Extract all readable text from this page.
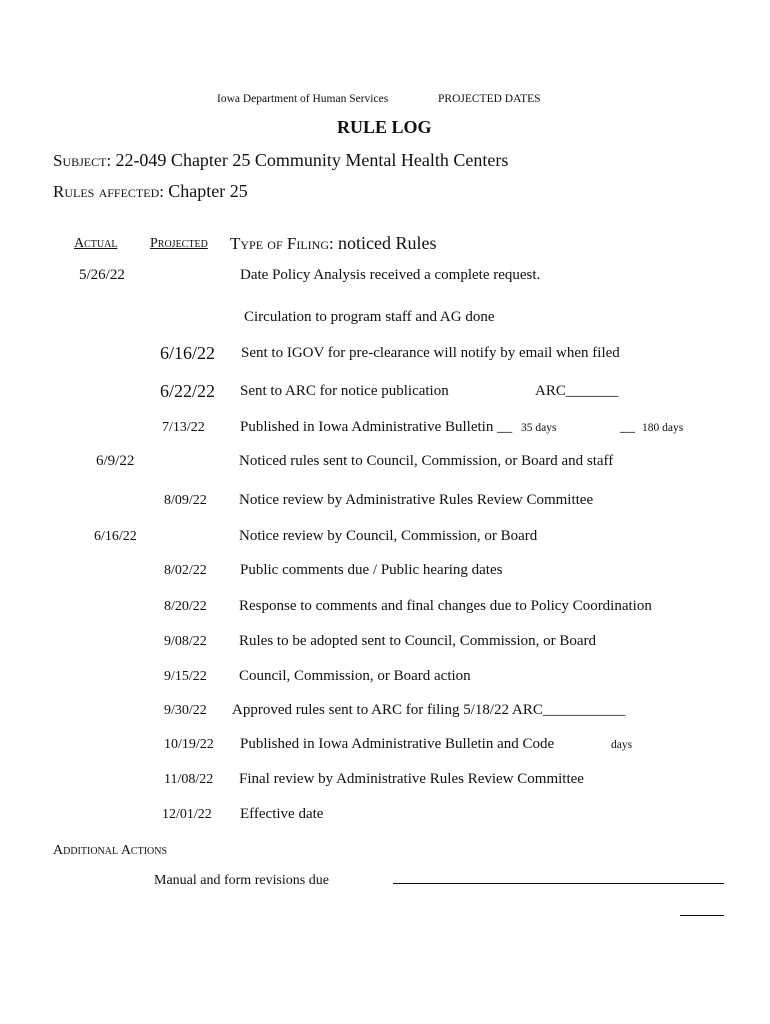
Iowa Department of Human Services	PROJECTED DATES
RULE LOG
Subject: 22-049 Chapter 25 Community Mental Health Centers
Rules affected: Chapter 25
Actual Projected Type of Filing: noticed Rules
5/26/22	Date Policy Analysis received a complete request.
Circulation to program staff and AG done
6/16/22 Sent to IGOV for pre-clearance will notify by email when filed
6/22/22 Sent to ARC for notice publication	ARC_______
7/13/22 Published in Iowa Administrative Bulletin __ 35 days	__ 180 days
6/9/22	Noticed rules sent to Council, Commission, or Board and staff
8/09/22 Notice review by Administrative Rules Review Committee
6/16/22	Notice review by Council, Commission, or Board
8/02/22 Public comments due / Public hearing dates
8/20/22 Response to comments and final changes due to Policy Coordination
9/08/22 Rules to be adopted sent to Council, Commission, or Board
9/15/22 Council, Commission, or Board action
9/30/22 Approved rules sent to ARC for filing 5/18/22 ARC___________
10/19/22 Published in Iowa Administrative Bulletin and Code	days
11/08/22 Final review by Administrative Rules Review Committee
12/01/22 Effective date
Additional Actions
Manual and form revisions due
